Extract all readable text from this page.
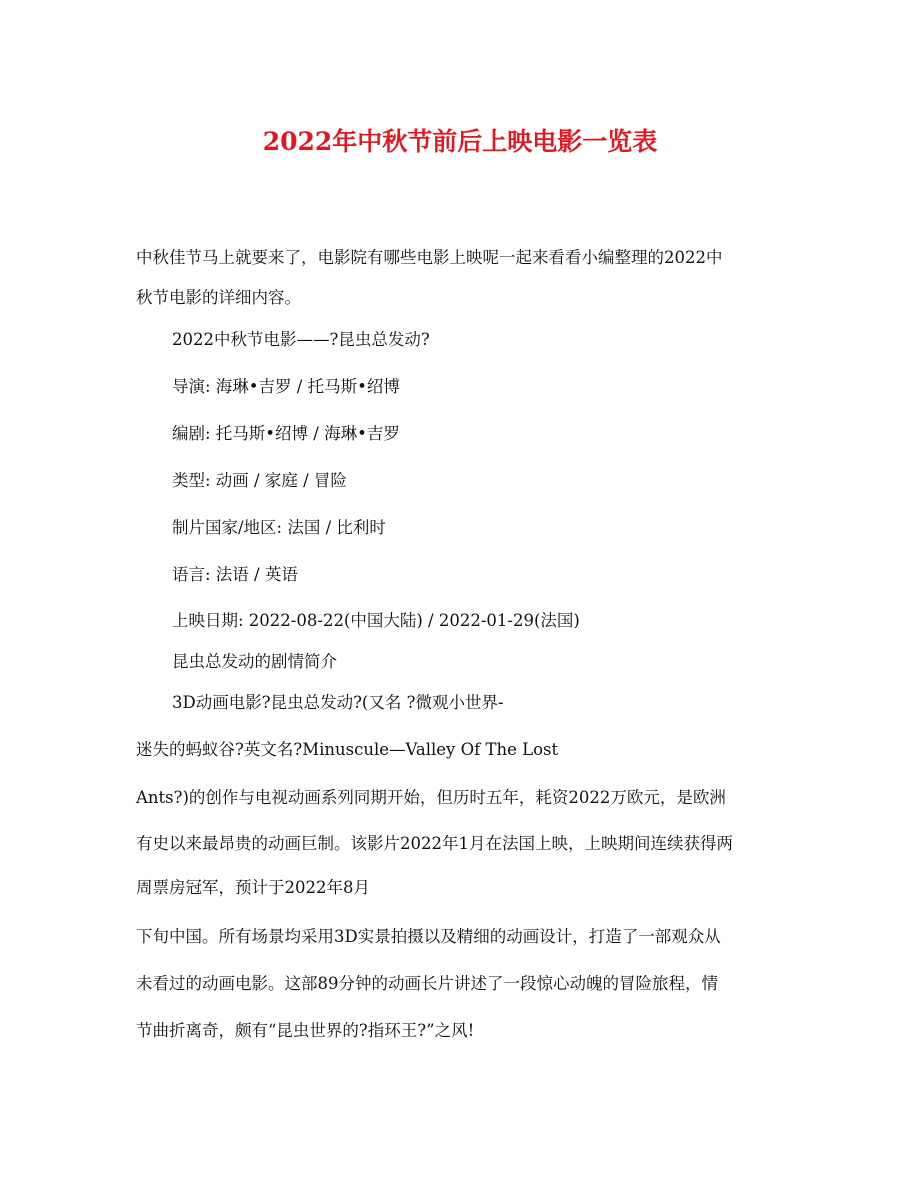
2022年中秋节前后上映电影一览表
中秋佳节马上就要来了，电影院有哪些电影上映呢一起来看看小编整理的2022中
秋节电影的详细内容。
2022中秋节电影——?昆虫总发动?
导演: 海琳•吉罗 / 托马斯•绍博
编剧: 托马斯•绍博 / 海琳•吉罗
类型: 动画 / 家庭 / 冒险
制片国家/地区: 法国 / 比利时
语言: 法语 / 英语
上映日期: 2022-08-22(中国大陆) / 2022-01-29(法国)
昆虫总发动的剧情简介
3D动画电影?昆虫总发动?(又名 ?微观小世界-
迷失的蚂蚁谷?英文名?Minuscule—Valley Of The Lost
Ants?)的创作与电视动画系列同期开始，但历时五年，耗资2022万欧元，是欧洲
有史以来最昂贵的动画巨制。该影片2022年1月在法国上映，上映期间连续获得两
周票房冠军，预计于2022年8月
下旬中国。所有场景均采用3D实景拍摄以及精细的动画设计，打造了一部观众从
未看过的动画电影。这部89分钟的动画长片讲述了一段惊心动魄的冒险旅程，情
节曲折离奇，颇有“昆虫世界的?指环王?”之风!
